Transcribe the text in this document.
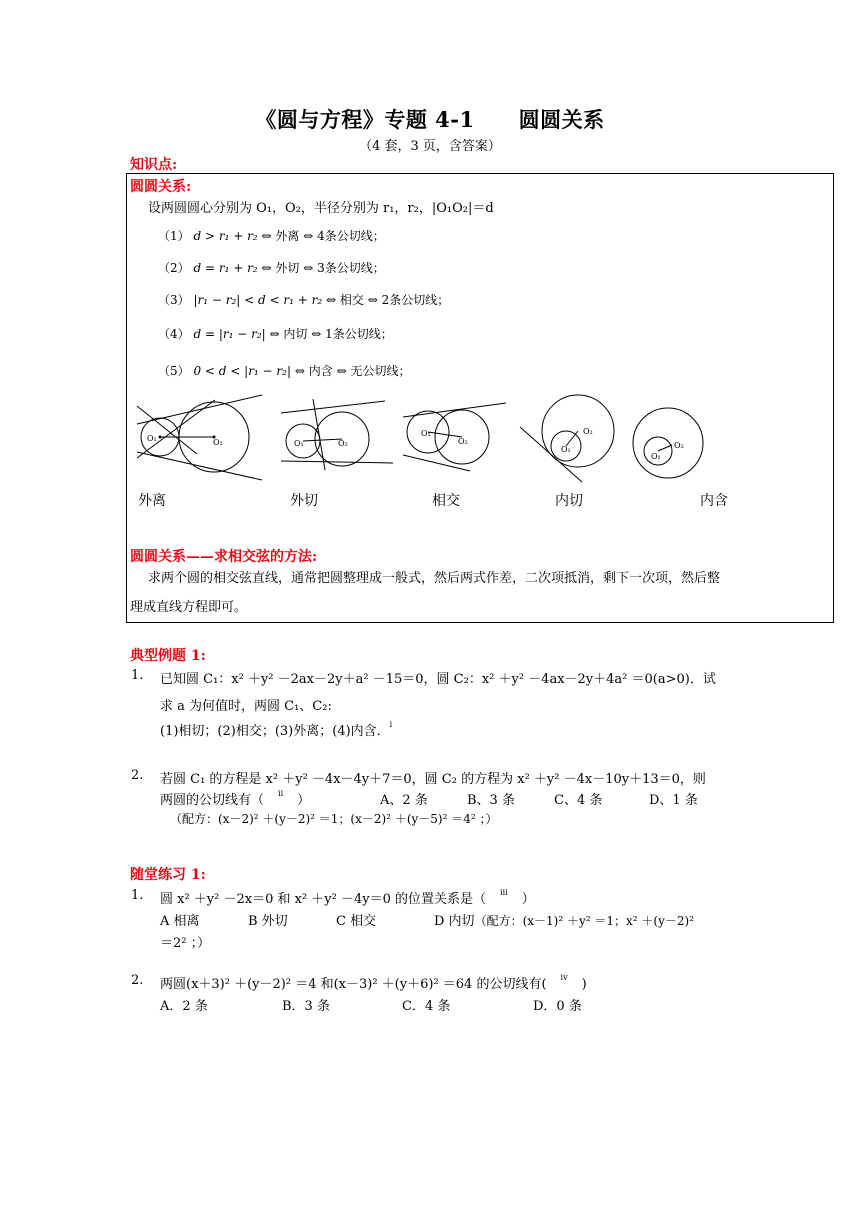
《圆与方程》专题 4-1 圆圆关系
（4 套，3 页，含答案）
知识点:
圆圆关系:
设两圆圆心分别为 O₁，O₂，半径分别为 r₁，r₂，|O₁O₂|＝d
（1） d > r₁ + r₂ ⇔ 外离 ⇔ 4条公切线；
（2） d = r₁ + r₂ ⇔ 外切 ⇔ 3条公切线；
（3） |r₁ − r₂| < d < r₁ + r₂ ⇔ 相交 ⇔ 2条公切线；
（4） d = |r₁ − r₂| ⇔ 内切 ⇔ 1条公切线；
（5） 0 < d < |r₁ − r₂| ⇔ 内含 ⇔ 无公切线；
O₁	O₂	O₁	O₂
O₁
O₂
O₁
O₂
O₁
O₂
外离	外切	相交	内切	内含
圆圆关系——求相交弦的方法:
求两个圆的相交弦直线，通常把圆整理成一般式，然后两式作差，二次项抵消，剩下一次项，然后整
理成直线方程即可。
典型例题 1:
1. 已知圆 C₁：x² ＋y² －2ax－2y＋a² －15＝0，圆 C₂：x² ＋y² －4ax－2y＋4a² ＝0(a>0)．试
求 a 为何值时，两圆 C₁、C₂:
(1)相切；(2)相交；(3)外离；(4)内含．$^i$
2. 若圆 C₁ 的方程是 x² ＋y² －4x－4y＋7＝0，圆 C₂ 的方程为 x² ＋y² －4x－10y＋13＝0，则
两圆的公切线有（ $^{ii}$ ）	A、2 条	B、3 条	C、4 条	D、1 条
（配方：(x－2)² ＋(y－2)² ＝1；(x－2)² ＋(y－5)² ＝4² ；）
随堂练习 1:
1. 圆 x² ＋y² －2x＝0 和 x² ＋y² －4y＝0 的位置关系是（ $^{iii}$ ）
A 相离	B 外切	C 相交	D 内切（配方：(x－1)² ＋y² ＝1；x² ＋(y－2)²
＝2² ；）
2. 两圆(x＋3)² ＋(y－2)² ＝4 和(x－3)² ＋(y＋6)² ＝64 的公切线有( $^{iv}$ )
A．2 条	B．3 条	C．4 条	D．0 条
